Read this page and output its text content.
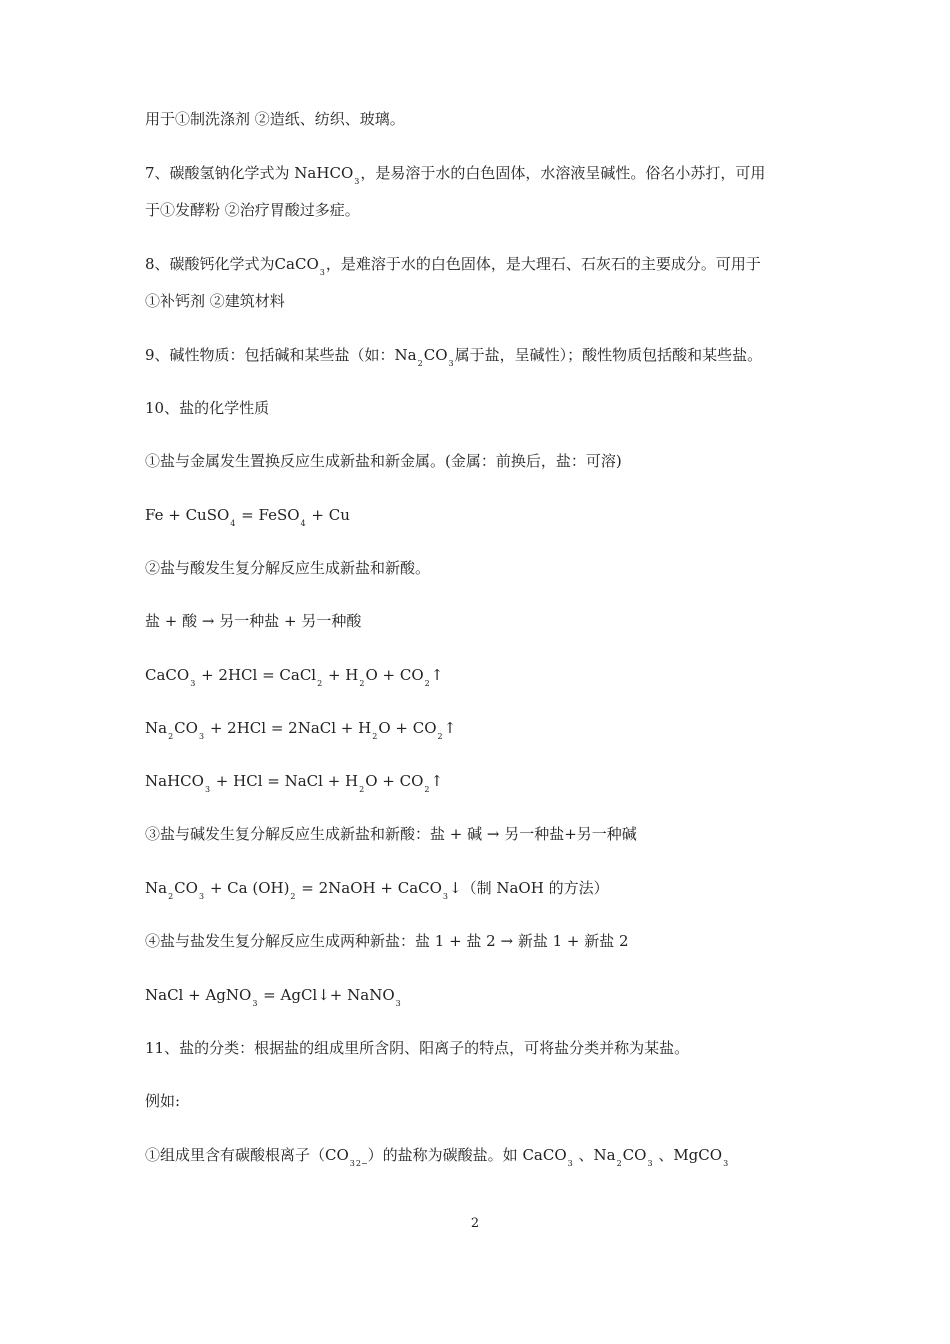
用于①制洗涤剂 ②造纸、纺织、玻璃。
7、碳酸氢钠化学式为 NaHCO$_3$，是易溶于水的白色固体，水溶液呈碱性。俗名小苏打，可用
于①发酵粉 ②治疗胃酸过多症。
8、碳酸钙化学式为CaCO$_3$，是难溶于水的白色固体，是大理石、石灰石的主要成分。可用于
①补钙剂 ②建筑材料
9、碱性物质：包括碱和某些盐（如：$Na_2CO_3$属于盐，呈碱性）；酸性物质包括酸和某些盐。
10、盐的化学性质
①盐与金属发生置换反应生成新盐和新金属。(金属：前换后，盐：可溶)
Fe + CuSO$_4$ = FeSO$_4$ + Cu
②盐与酸发生复分解反应生成新盐和新酸。
盐 + 酸 → 另一种盐 + 另一种酸
CaCO$_3$ + 2HCl = CaCl$_2$ + $H_2O$ + $CO_2↑$
$Na_2CO_3 + 2HCl$ = 2NaCl + $H_2O$ + $CO_2↑$
NaHCO$_3$ + HCl = NaCl + $H_2O$ + $CO_2↑$
③盐与碱发生复分解反应生成新盐和新酸：盐 + 碱 → 另一种盐+另一种碱
$Na_2CO_3 + Ca$ $(OH)_2$ = 2NaOH + CaCO$_3$↓（制 NaOH 的方法）
④盐与盐发生复分解反应生成两种新盐：盐 1 + 盐 2 → 新盐 1 + 新盐 2
NaCl + AgNO$_3$ = AgCl↓+ NaNO$_3$
11、盐的分类：根据盐的组成里所含阴、阳离子的特点，可将盐分类并称为某盐。
例如:
①组成里含有碳酸根离子$(CO_3^{2-})$的盐称为碳酸盐。如 CaCO$_3$ 、$Na_2CO_3$ 、MgCO$_3$
2
